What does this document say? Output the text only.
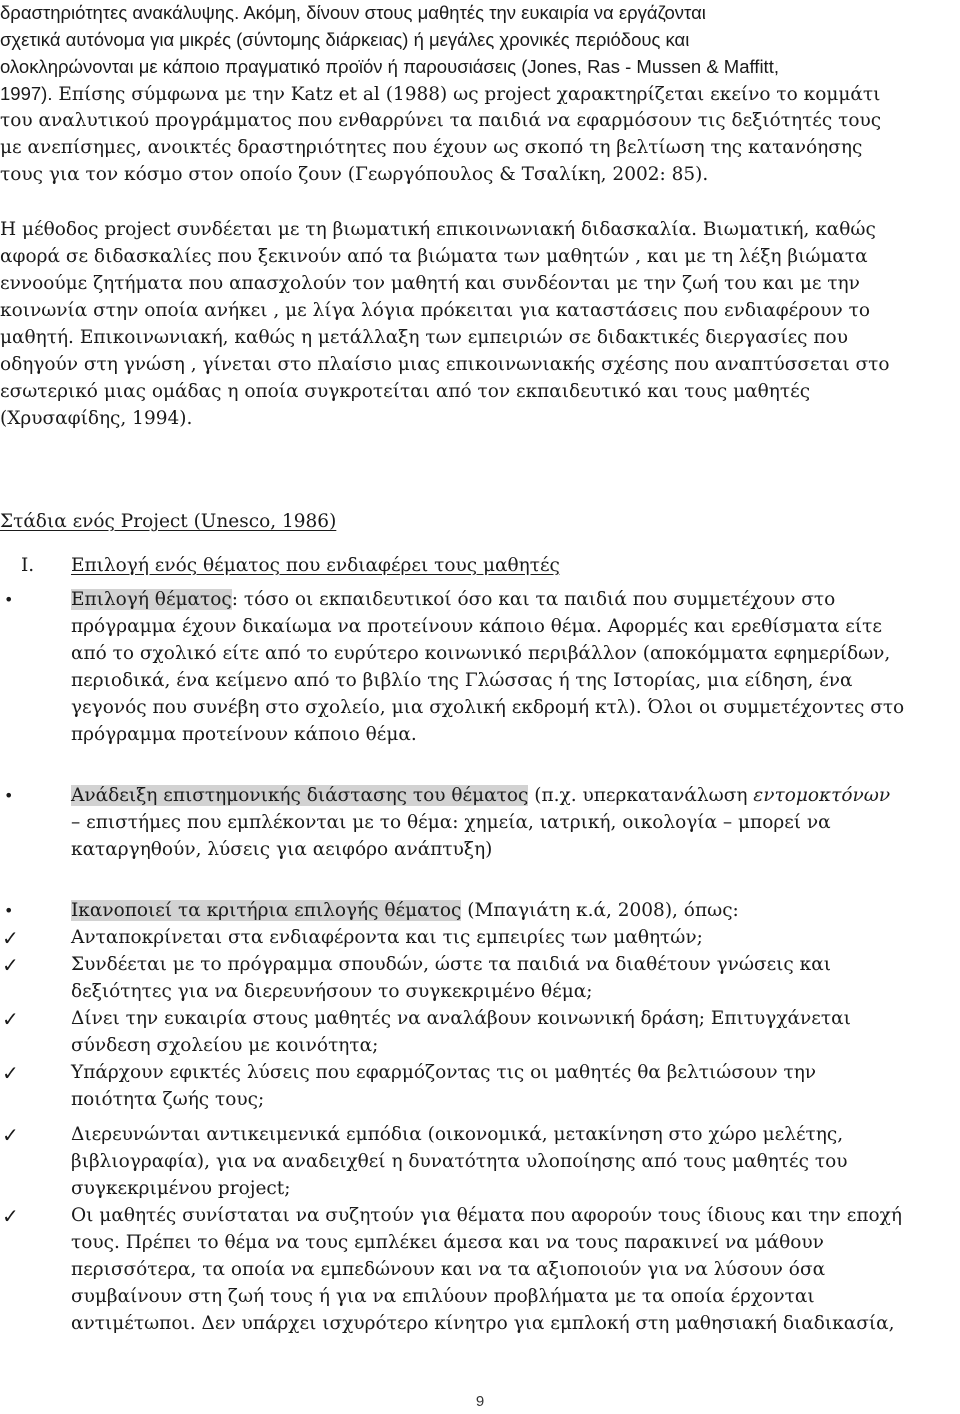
δραστηριότητες ανακάλυψης. Ακόμη, δίνουν στους μαθητές την ευκαιρία να εργάζονται
σχετικά αυτόνομα για μικρές (σύντομης διάρκειας) ή μεγάλες χρονικές περιόδους και
ολοκληρώνονται με κάποιο πραγματικό προϊόν ή παρουσιάσεις (Jones, Ras - Mussen & Maffitt,
1997). Επίσης σύμφωνα με την Katz et al (1988) ως project χαρακτηρίζεται εκείνο το κομμάτι
του αναλυτικού προγράμματος που ενθαρρύνει τα παιδιά να εφαρμόσουν τις δεξιότητές τους
με ανεπίσημες, ανοικτές δραστηριότητες που έχουν ως σκοπό τη βελτίωση της κατανόησης
τους για τον κόσμο στον οποίο ζουν (Γεωργόπουλος & Τσαλίκη, 2002: 85).
Η μέθοδος project συνδέεται με τη βιωματική επικοινωνιακή διδασκαλία. Βιωματική, καθώς
αφορά σε διδασκαλίες που ξεκινούν από τα βιώματα των μαθητών , και με τη λέξη βιώματα
εννοούμε ζητήματα που απασχολούν τον μαθητή και συνδέονται με την ζωή του και με την
κοινωνία στην οποία ανήκει , με λίγα λόγια πρόκειται για καταστάσεις που ενδιαφέρουν το
μαθητή. Επικοινωνιακή, καθώς η μετάλλαξη των εμπειριών σε διδακτικές διεργασίες που
οδηγούν στη γνώση , γίνεται στο πλαίσιο μιας επικοινωνιακής σχέσης που αναπτύσσεται στο
εσωτερικό μιας ομάδας η οποία συγκροτείται από τον εκπαιδευτικό και τους μαθητές
(Χρυσαφίδης, 1994).
Στάδια ενός Project (Unesco, 1986)
I. Επιλογή ενός θέματος που ενδιαφέρει τους μαθητές
•	Επιλογή θέματος: τόσο οι εκπαιδευτικοί όσο και τα παιδιά που συμμετέχουν στο
πρόγραμμα έχουν δικαίωμα να προτείνουν κάποιο θέμα. Αφορμές και ερεθίσματα είτε
από το σχολικό είτε από το ευρύτερο κοινωνικό περιβάλλον (αποκόμματα εφημερίδων,
περιοδικά, ένα κείμενο από το βιβλίο της Γλώσσας ή της Ιστορίας, μια είδηση, ένα
γεγονός που συνέβη στο σχολείο, μια σχολική εκδρομή κτλ). Όλοι οι συμμετέχοντες στο
πρόγραμμα προτείνουν κάποιο θέμα.
•	Ανάδειξη επιστημονικής διάστασης του θέματος (π.χ. υπερκατανάλωση εντομοκτόνων
– επιστήμες που εμπλέκονται με το θέμα: χημεία, ιατρική, οικολογία – μπορεί να
καταργηθούν, λύσεις για αειφόρο ανάπτυξη)
•	Ικανοποιεί τα κριτήρια επιλογής θέματος (Μπαγιάτη κ.ά, 2008), όπως:
✓	Ανταποκρίνεται στα ενδιαφέροντα και τις εμπειρίες των μαθητών;
✓	Συνδέεται με το πρόγραμμα σπουδών, ώστε τα παιδιά να διαθέτουν γνώσεις και
δεξιότητες για να διερευνήσουν το συγκεκριμένο θέμα;
✓	Δίνει την ευκαιρία στους μαθητές να αναλάβουν κοινωνική δράση; Επιτυγχάνεται
σύνδεση σχολείου με κοινότητα;
✓	Υπάρχουν εφικτές λύσεις που εφαρμόζοντας τις οι μαθητές θα βελτιώσουν την
ποιότητα ζωής τους;
✓	Διερευνώνται αντικειμενικά εμπόδια (οικονομικά, μετακίνηση στο χώρο μελέτης,
βιβλιογραφία), για να αναδειχθεί η δυνατότητα υλοποίησης από τους μαθητές του
συγκεκριμένου project;
✓	Οι μαθητές συνίσταται να συζητούν για θέματα που αφορούν τους ίδιους και την εποχή
τους. Πρέπει το θέμα να τους εμπλέκει άμεσα και να τους παρακινεί να μάθουν
περισσότερα, τα οποία να εμπεδώνουν και να τα αξιοποιούν για να λύσουν όσα
συμβαίνουν στη ζωή τους ή για να επιλύουν προβλήματα με τα οποία έρχονται
αντιμέτωποι. Δεν υπάρχει ισχυρότερο κίνητρο για εμπλοκή στη μαθησιακή διαδικασία,
9
